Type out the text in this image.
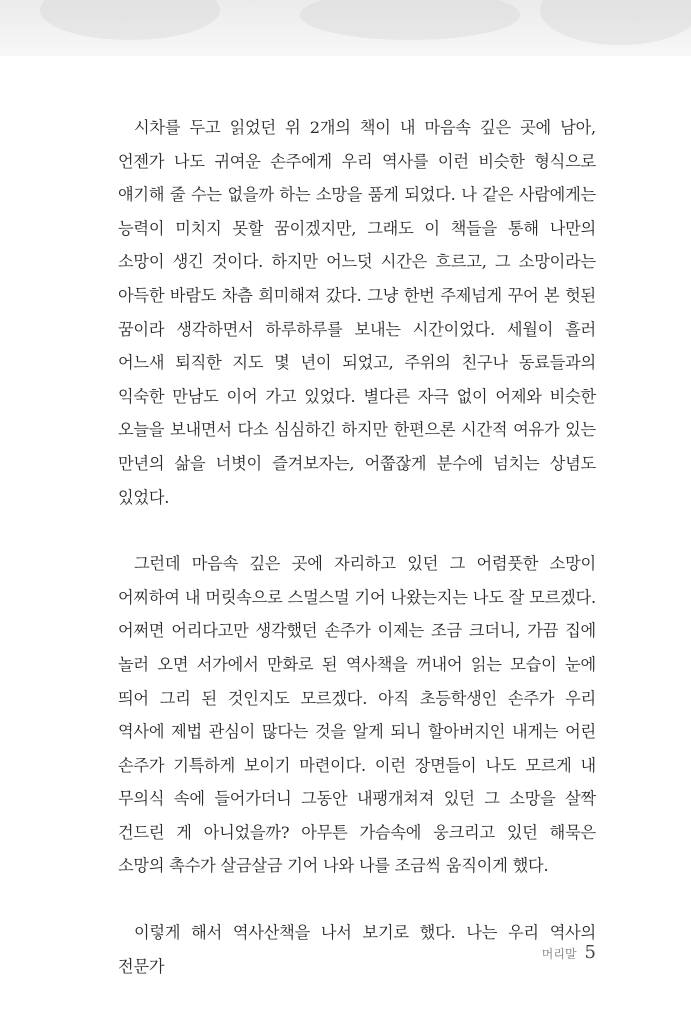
시차를 두고 읽었던 위 2개의 책이 내 마음속 깊은 곳에 남아, 언젠가 나도 귀여운 손주에게 우리 역사를 이런 비슷한 형식으로 얘기해 줄 수는 없을까 하는 소망을 품게 되었다. 나 같은 사람에게는 능력이 미치지 못할 꿈이겠지만, 그래도 이 책들을 통해 나만의 소망이 생긴 것이다. 하지만 어느덧 시간은 흐르고, 그 소망이라는 아득한 바람도 차츰 희미해져 갔다. 그냥 한번 주제넘게 꾸어 본 헛된 꿈이라 생각하면서 하루하루를 보내는 시간이었다. 세월이 흘러 어느새 퇴직한 지도 몇 년이 되었고, 주위의 친구나 동료들과의 익숙한 만남도 이어 가고 있었다. 별다른 자극 없이 어제와 비슷한 오늘을 보내면서 다소 심심하긴 하지만 한편으론 시간적 여유가 있는 만년의 삶을 너볏이 즐겨보자는, 어쭙잖게 분수에 넘치는 상념도 있었다.

그런데 마음속 깊은 곳에 자리하고 있던 그 어렴풋한 소망이 어찌하여 내 머릿속으로 스멀스멀 기어 나왔는지는 나도 잘 모르겠다. 어쩌면 어리다고만 생각했던 손주가 이제는 조금 크더니, 가끔 집에 놀러 오면 서가에서 만화로 된 역사책을 꺼내어 읽는 모습이 눈에 띄어 그리 된 것인지도 모르겠다. 아직 초등학생인 손주가 우리 역사에 제법 관심이 많다는 것을 알게 되니 할아버지인 내게는 어린 손주가 기특하게 보이기 마련이다. 이런 장면들이 나도 모르게 내 무의식 속에 들어가더니 그동안 내팽개쳐져 있던 그 소망을 살짝 건드린 게 아니었을까? 아무튼 가슴속에 웅크리고 있던 해묵은 소망의 촉수가 살금살금 기어 나와 나를 조금씩 움직이게 했다.

이렇게 해서 역사산책을 나서 보기로 했다. 나는 우리 역사의 전문가

머리말 5
